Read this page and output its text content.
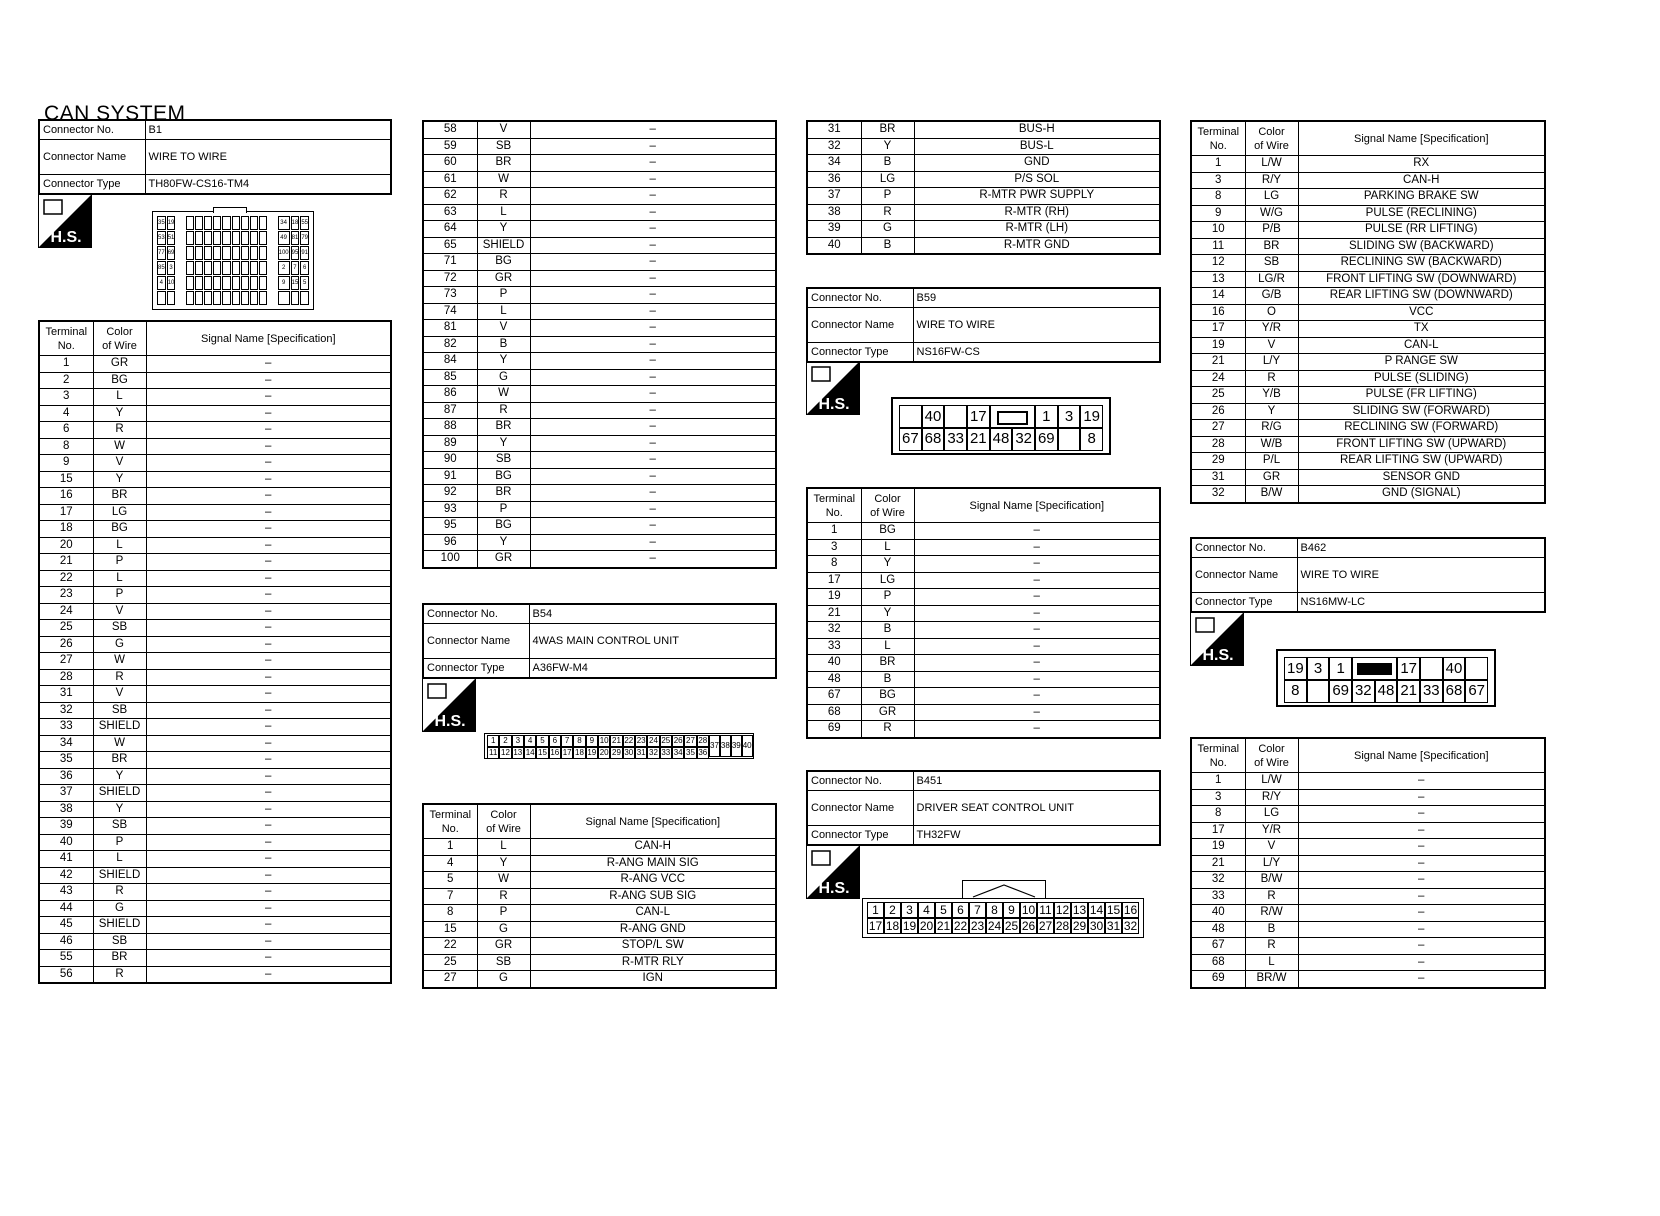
CAN SYSTEM
Connector No.	B1
Connector Name	WIRE TO WIRE
Connector Type	TH80FW-CS16-TM4
H.S.
35 19	34 18 55
53 51	49 81 79
77 69	100 95 91
85 3	2	7	6
4 10	9	15 5
Terminal
No.	Color
of Wire	Signal Name [Specification]
1	GR	–
2	BG	–
3	L	–
4	Y	–
6	R	–
8	W	–
9	V	–
15	Y	–
16	BR	–
17	LG	–
18	BG	–
20	L	–
21	P	–
22	L	–
23	P	–
24	V	–
25	SB	–
26	G	–
27	W	–
28	R	–
31	V	–
32	SB	–
33	SHIELD	–
34	W	–
35	BR	–
36	Y	–
37	SHIELD	–
38	Y	–
39	SB	–
40	P	–
41	L	–
42	SHIELD	–
43	R	–
44	G	–
45	SHIELD	–
46	SB	–
55	BR	–
56	R	–
58	V	–
59	SB	–
60	BR	–
61	W	–
62	R	–
63	L	–
64	Y	–
65	SHIELD	–
71	BG	–
72	GR	–
73	P	–
74	L	–
81	V	–
82	B	–
84	Y	–
85	G	–
86	W	–
87	R	–
88	BR	–
89	Y	–
90	SB	–
91	BG	–
92	BR	–
93	P	–
95	BG	–
96	Y	–
100	GR	–
Connector No.	B54
Connector Name	4WAS MAIN CONTROL UNIT
Connector Type	A36FW-M4
H.S.
1 2 3 4 5 6 7 8 9 10 21 22 23 24 25 26 27 28
11 12 13 14 15 16 17 18 19 20 29 30 31 32 33 34 35 36
37 38 39 40
Terminal
No.	Color
of Wire	Signal Name [Specification]
1	L	CAN-H
4	Y	R-ANG MAIN SIG
5	W	R-ANG VCC
7	R	R-ANG SUB SIG
8	P	CAN-L
15	G	R-ANG GND
22	GR	STOP/L SW
25	SB	R-MTR RLY
27	G	IGN
31	BR	BUS-H
32	Y	BUS-L
34	B	GND
36	LG	P/S SOL
37	P	R-MTR PWR SUPPLY
38	R	R-MTR (RH)
39	G	R-MTR (LH)
40	B	R-MTR GND
Connector No.	B59
Connector Name	WIRE TO WIRE
Connector Type	NS16FW-CS
H.S.
40 17	1 3 19
67 68 33 21 48 32 69	8
Terminal
No.	Color
of Wire	Signal Name [Specification]
1	BG	–
3	L	–
8	Y	–
17	LG	–
19	P	–
21	Y	–
32	B	–
33	L	–
40	BR	–
48	B	–
67	BG	–
68	GR	–
69	R	–
Connector No.	B451
Connector Name	DRIVER SEAT CONTROL UNIT
Connector Type	TH32FW
H.S.
1 2 3 4 5 6 7 8 9 10 11 12 13 14 15 16
17 18 19 20 21 22 23 24 25 26 27 28 29 30 31 32
Terminal
No.	Color
of Wire	Signal Name [Specification]
1	L/W	RX
3	R/Y	CAN-H
8	LG	PARKING BRAKE SW
9	W/G	PULSE (RECLINING)
10	P/B	PULSE (RR LIFTING)
11	BR	SLIDING SW (BACKWARD)
12	SB	RECLINING SW (BACKWARD)
13	LG/R	FRONT LIFTING SW (DOWNWARD)
14	G/B	REAR LIFTING SW (DOWNWARD)
16	O	VCC
17	Y/R	TX
19	V	CAN-L
21	L/Y	P RANGE SW
24	R	PULSE (SLIDING)
25	Y/B	PULSE (FR LIFTING)
26	Y	SLIDING SW (FORWARD)
27	R/G	RECLINING SW (FORWARD)
28	W/B	FRONT LIFTING SW (UPWARD)
29	P/L	REAR LIFTING SW (UPWARD)
31	GR	SENSOR GND
32	B/W	GND (SIGNAL)
Connector No.	B462
Connector Name	WIRE TO WIRE
Connector Type	NS16MW-LC
H.S.
19 3 1	17 40
8	69 32 48 21 33 68 67
Terminal
No.	Color
of Wire	Signal Name [Specification]
1	L/W	–
3	R/Y	–
8	LG	–
17	Y/R	–
19	V	–
21	L/Y	–
32	B/W	–
33	R	–
40	R/W	–
48	B	–
67	R	–
68	L	–
69	BR/W	–
